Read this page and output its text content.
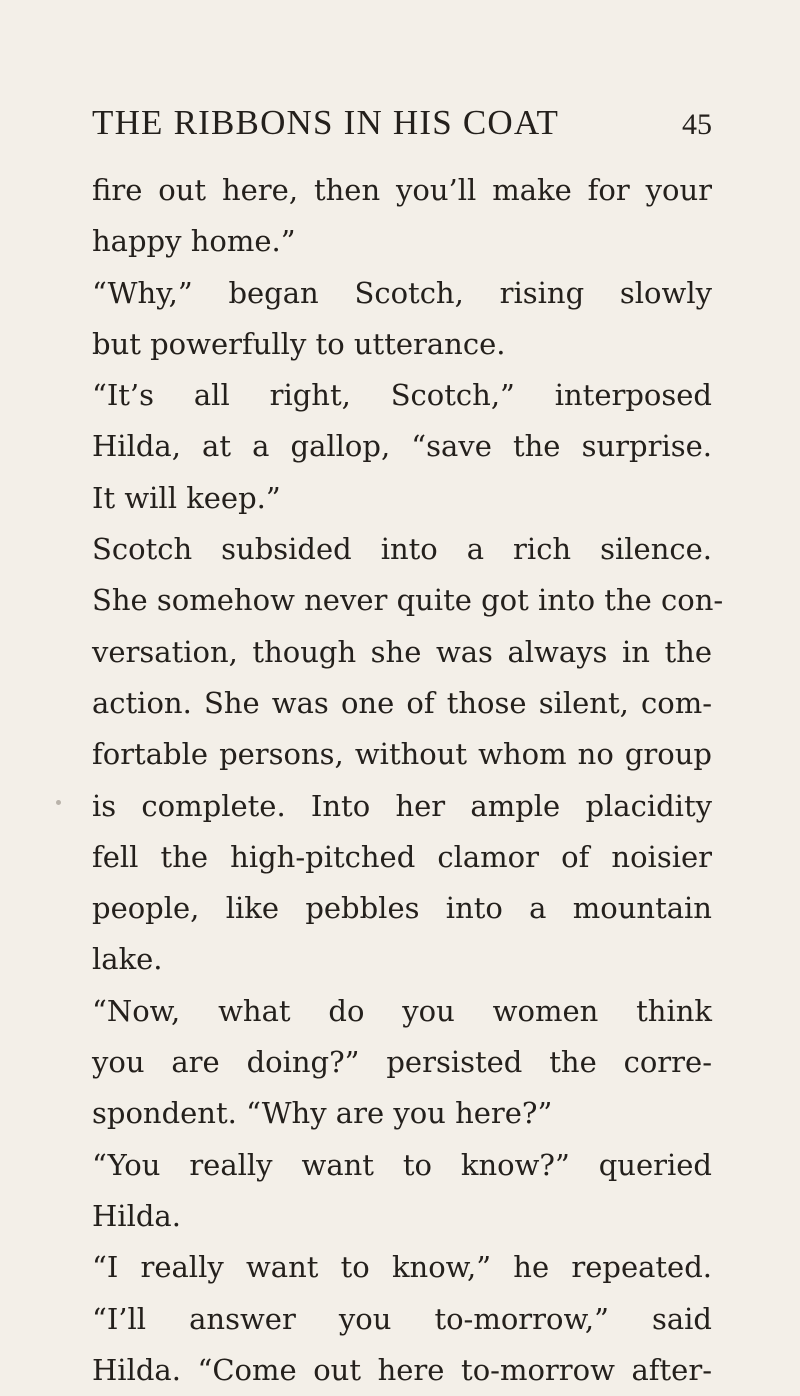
THE RIBBONS IN HIS COAT	45
fire out here, then you’ll make for your
happy home.”
“Why,” began Scotch, rising slowly
but powerfully to utterance.
“It’s all right, Scotch,” interposed
Hilda, at a gallop, “save the surprise.
It will keep.”
Scotch subsided into a rich silence.
She somehow never quite got into the con-
versation, though she was always in the
action. She was one of those silent, com-
fortable persons, without whom no group
is complete. Into her ample placidity
fell the high-pitched clamor of noisier
people, like pebbles into a mountain
lake.
“Now, what do you women think
you are doing?” persisted the corre-
spondent. “Why are you here?”
“You really want to know?” queried
Hilda.
“I really want to know,” he repeated.
“I’ll answer you to-morrow,” said
Hilda. “Come out here to-morrow after-
